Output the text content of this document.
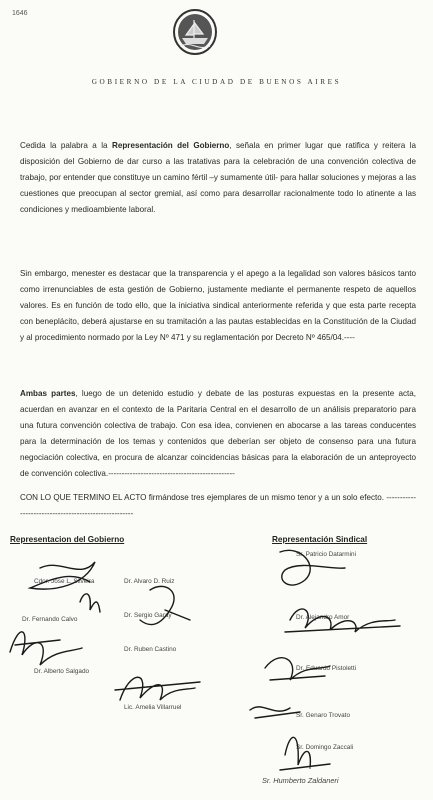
1646
GOBIERNO DE LA CIUDAD DE BUENOS AIRES
Cedida la palabra a la Representación del Gobierno, señala en primer lugar que ratifica y reitera la disposición del Gobierno de dar curso a las tratativas para la celebración de una convención colectiva de trabajo, por entender que constituye un camino fértil –y sumamente útil- para hallar soluciones y mejoras a las cuestiones que preocupan al sector gremial, así como para desarrollar racionalmente todo lo atinente a las condiciones y medioambiente laboral.
Sin embargo, menester es destacar que la transparencia y el apego a la legalidad son valores básicos tanto como irrenunciables de esta gestión de Gobierno, justamente mediante el permanente respeto de aquellos valores. Es en función de todo ello, que la iniciativa sindical anteriormente referida y que esta parte recepta con beneplácito, deberá ajustarse en su tramitación a las pautas establecidas en la Constitución de la Ciudad y al procedimiento normado por la Ley Nº 471 y su reglamentación por Decreto Nº 465/04.----
Ambas partes, luego de un detenido estudio y debate de las posturas expuestas en la presente acta, acuerdan en avanzar en el contexto de la Paritaria Central en el desarrollo de un análisis preparatorio para una futura convención colectiva de trabajo. Con esa idea, convienen en abocarse a las tareas conducentes para la determinación de los temas y contenidos que deberían ser objeto de consenso para una futura negociación colectiva, en procura de alcanzar coincidencias básicas para la elaboración de un anteproyecto de convención colectiva.-----------------------------------------------
CON LO QUE TERMINO EL ACTO firmándose tres ejemplares de un mismo tenor y a un solo efecto. -----------------------------------------------------
Representacion del Gobierno	Representación Sindical
Cdor. Jose L. Silveira
Dr. Fernando Calvo
Dr. Alberto Salgado
Dr. Alvaro D. Ruiz
Dr. Sergio Garay
Dr. Ruben Castino
Lic. Amelia Villarruel
Sr. Patricio Datarmini
Dr. Alejandro Amor
Dr. Eduardo Pistoletti
Sr. Genaro Trovato
Sr. Domingo Zaccali
Sr. Humberto Zaldaneri
